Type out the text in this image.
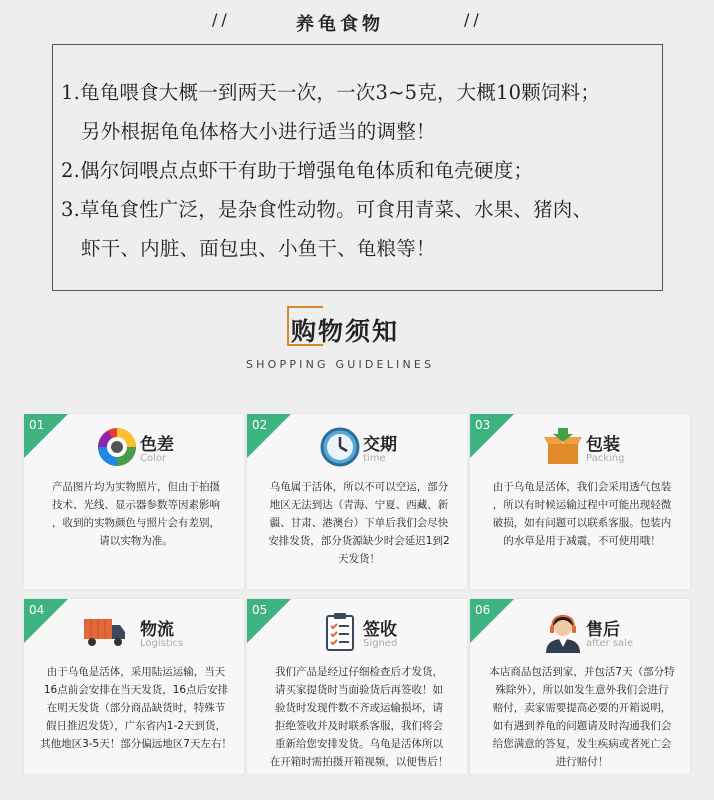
//	养龟食物	//
1.龟龟喂食大概一到两天一次，一次3~5克，大概10颗饲料；
另外根据龟龟体格大小进行适当的调整！
2.偶尔饲喂点点虾干有助于增强龟龟体质和龟壳硬度；
3.草龟食性广泛，是杂食性动物。可食用青菜、水果、猪肉、
虾干、内脏、面包虫、小鱼干、龟粮等！
购物须知
SHOPPING GUIDELINES
01
色差
Color
产品图片均为实物照片，但由于拍摄
技术、光线、显示器参数等因素影响
，收到的实物颜色与照片会有差别，
请以实物为准。
02
交期
time
乌龟属于活体，所以不可以空运，部分
地区无法到达（青海、宁夏、西藏、新
疆、甘肃、港澳台）下单后我们会尽快
安排发货，部分货源缺少时会延迟1到2
天发货！
03
包装
Packing
由于乌龟是活体，我们会采用透气包装
，所以有时候运输过程中可能出现轻微
破损，如有问题可以联系客服。包装内
的水草是用于减震，不可使用哦！
04
物流
Logistics
由于乌龟是活体，采用陆运运输，当天
16点前会安排在当天发货，16点后安排
在明天发货（部分商品缺货时，特殊节
假日推迟发货），广东省内1-2天到货，
其他地区3-5天！部分偏远地区7天左右！
05
签收
Signed
我们产品是经过仔细检查后才发货，
请买家提货时当面验货后再签收！如
验货时发现件数不齐或运输损坏，请
拒绝签收并及时联系客服，我们将会
重新给您安排发货。乌龟是活体所以
在开箱时需拍摄开箱视频，以便售后！
06
售后
after sale
本店商品包活到家，并包活7天（部分特
殊除外），所以如发生意外我们会进行
赔付，卖家需要提高必要的开箱说明，
如有遇到养龟的问题请及时沟通我们会
给您满意的答复，发生疾病或者死亡会
进行赔付！
